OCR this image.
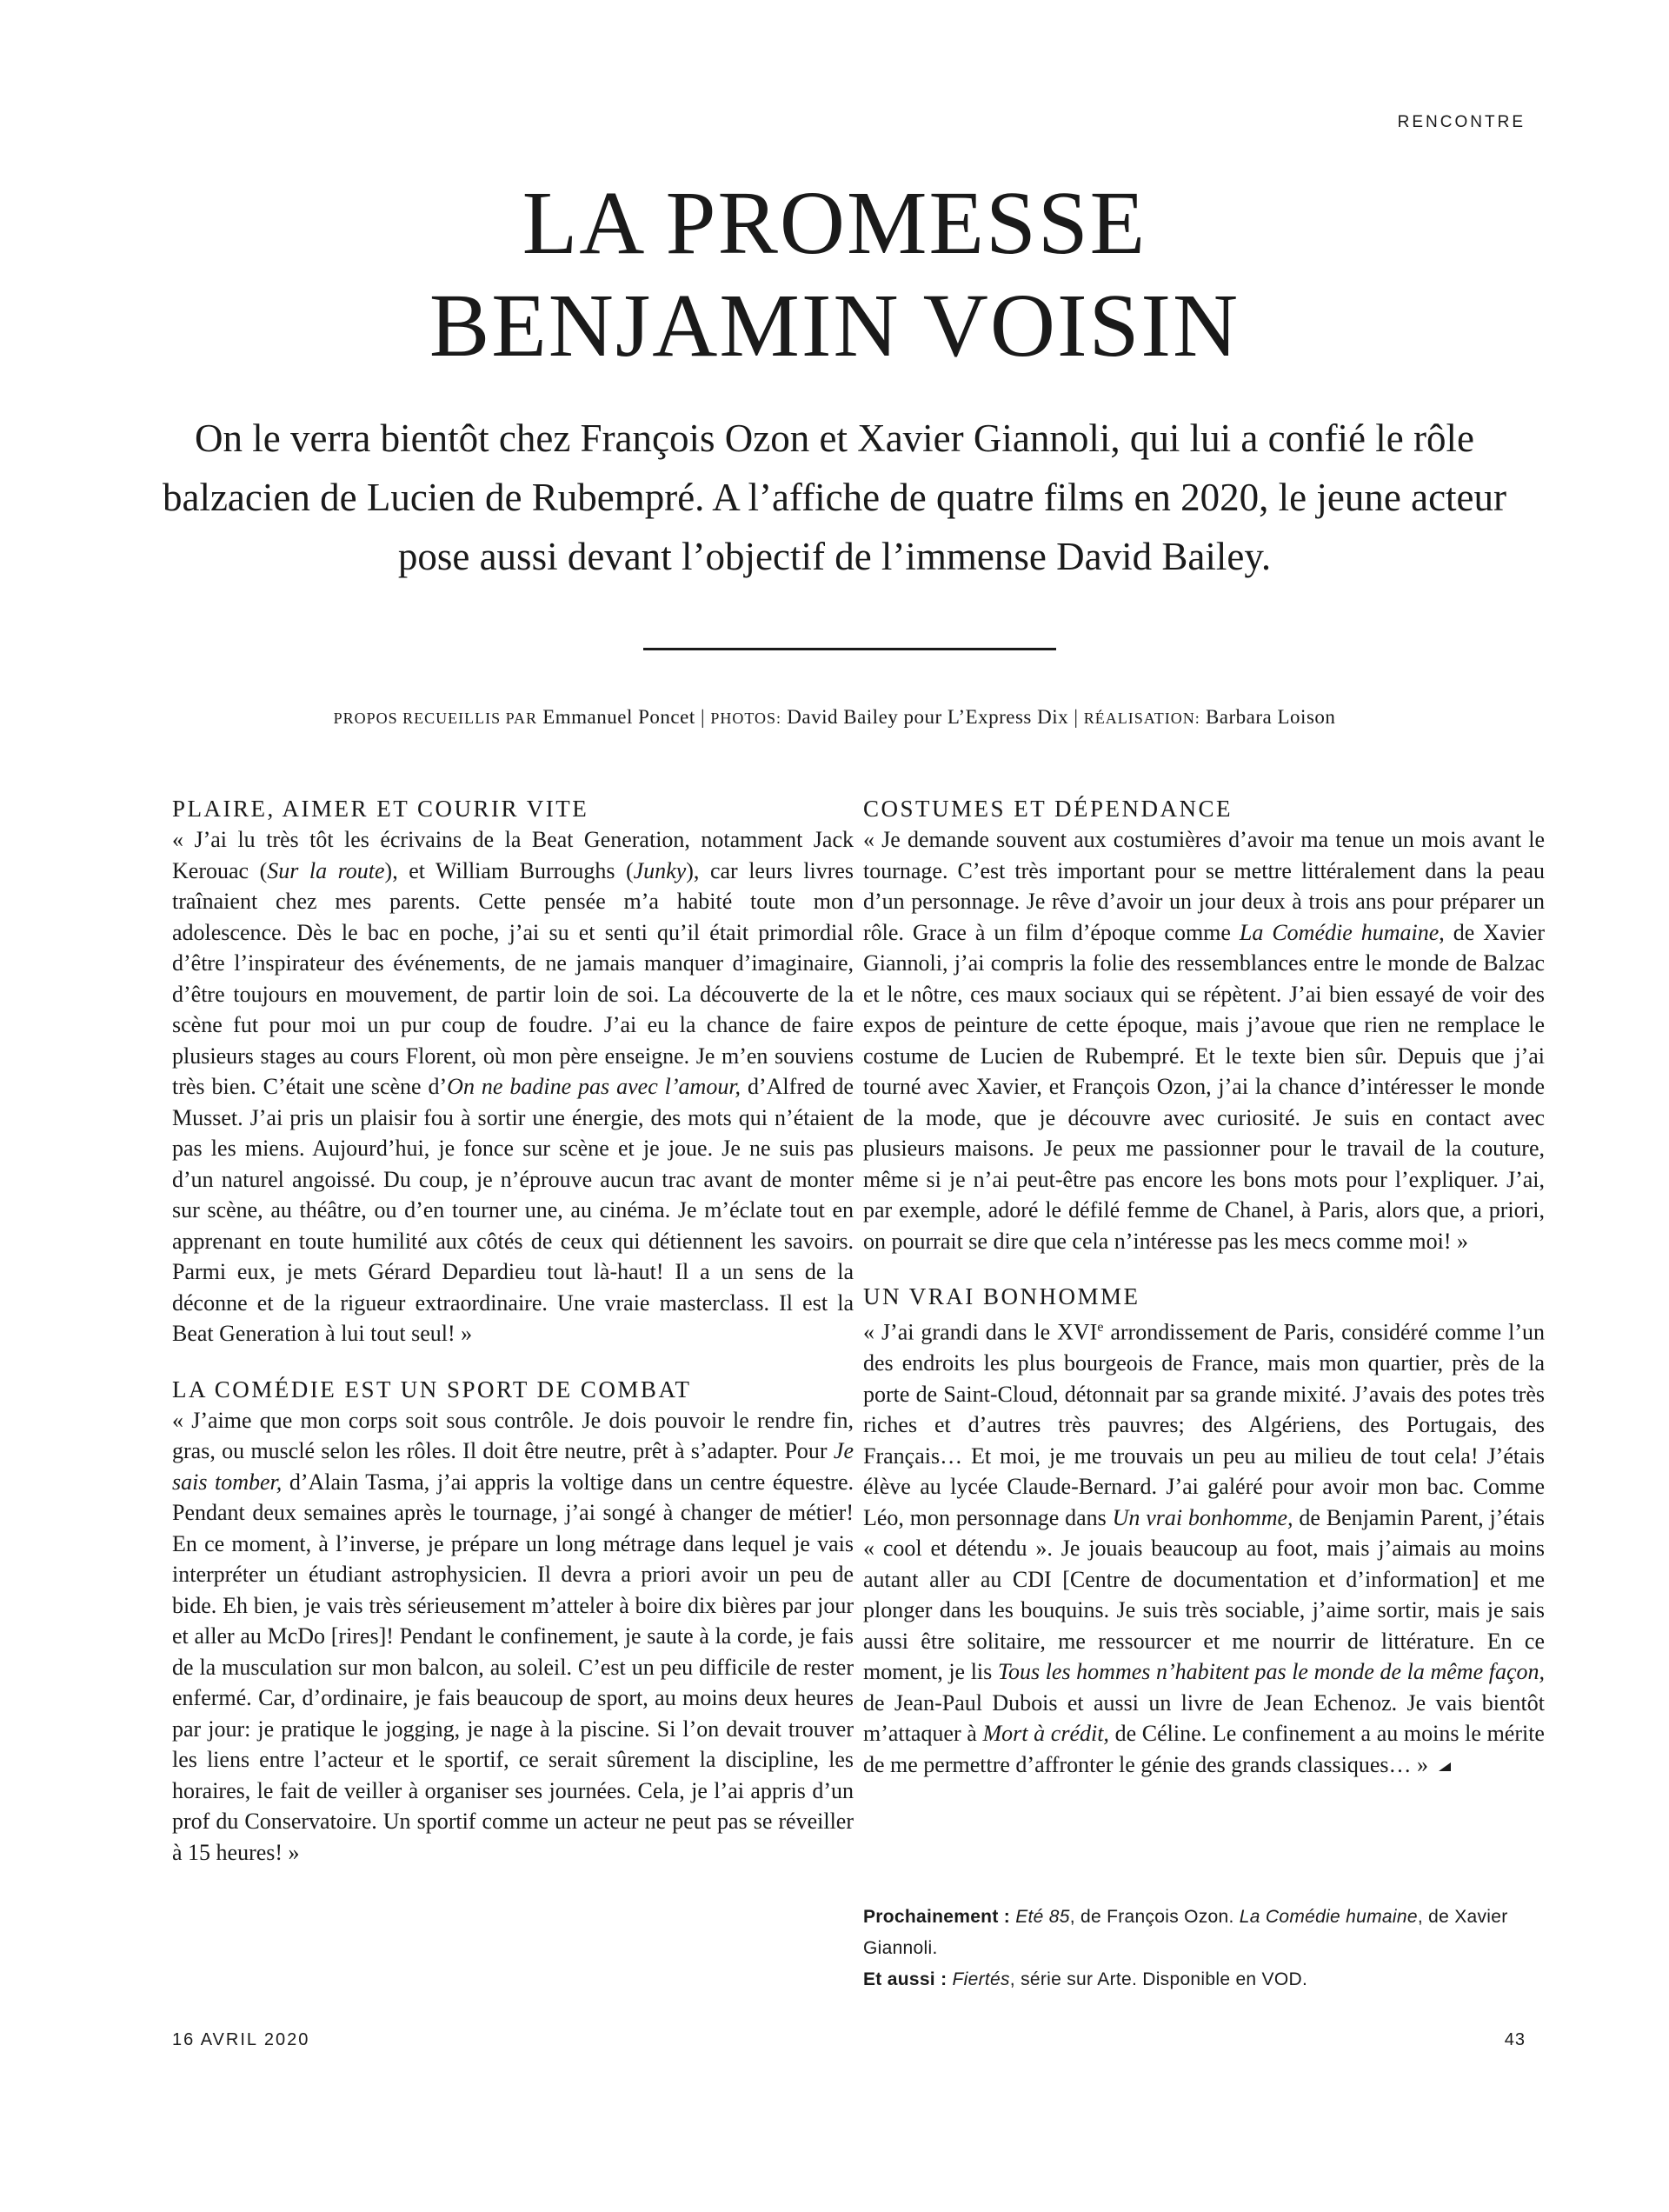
RENCONTRE
LA PROMESSE
BENJAMIN VOISIN
On le verra bientôt chez François Ozon et Xavier Giannoli, qui lui a confié le rôle balzacien de Lucien de Rubempré. A l’affiche de quatre films en 2020, le jeune acteur pose aussi devant l’objectif de l’immense David Bailey.
PROPOS RECUEILLIS PAR Emmanuel Poncet | PHOTOS: David Bailey pour L’Express Dix | RÉALISATION: Barbara Loison
PLAIRE, AIMER ET COURIR VITE

« J’ai lu très tôt les écrivains de la Beat Generation, notamment Jack Kerouac (Sur la route), et William Burroughs (Junky), car leurs livres traînaient chez mes parents. Cette pensée m’a habité toute mon adolescence. Dès le bac en poche, j’ai su et senti qu’il était primordial d’être l’inspirateur des événements, de ne jamais manquer d’imaginaire, d’être toujours en mouvement, de partir loin de soi. La découverte de la scène fut pour moi un pur coup de foudre. J’ai eu la chance de faire plusieurs stages au cours Florent, où mon père enseigne. Je m’en souviens très bien. C’était une scène d’On ne badine pas avec l’amour, d’Alfred de Musset. J’ai pris un plaisir fou à sortir une énergie, des mots qui n’étaient pas les miens. Aujourd’hui, je fonce sur scène et je joue. Je ne suis pas d’un naturel angoissé. Du coup, je n’éprouve aucun trac avant de monter sur scène, au théâtre, ou d’en tourner une, au cinéma. Je m’éclate tout en apprenant en toute humilité aux côtés de ceux qui détiennent les savoirs. Parmi eux, je mets Gérard Depardieu tout là-haut! Il a un sens de la déconne et de la rigueur extraordinaire. Une vraie masterclass. Il est la Beat Generation à lui tout seul! »

LA COMÉDIE EST UN SPORT DE COMBAT

« J’aime que mon corps soit sous contrôle. Je dois pouvoir le rendre fin, gras, ou musclé selon les rôles. Il doit être neutre, prêt à s’adapter. Pour Je sais tomber, d’Alain Tasma, j’ai appris la voltige dans un centre équestre. Pendant deux semaines après le tournage, j’ai songé à changer de métier! En ce moment, à l’inverse, je prépare un long métrage dans lequel je vais interpréter un étudiant astrophysicien. Il devra a priori avoir un peu de bide. Eh bien, je vais très sérieusement m’atteler à boire dix bières par jour et aller au McDo [rires]! Pendant le confinement, je saute à la corde, je fais de la musculation sur mon balcon, au soleil. C’est un peu difficile de rester enfermé. Car, d’ordinaire, je fais beaucoup de sport, au moins deux heures par jour: je pratique le jogging, je nage à la piscine. Si l’on devait trouver les liens entre l’acteur et le sportif, ce serait sûrement la discipline, les horaires, le fait de veiller à organiser ses journées. Cela, je l’ai appris d’un prof du Conservatoire. Un sportif comme un acteur ne peut pas se réveiller à 15 heures! »

COSTUMES ET DÉPENDANCE

« Je demande souvent aux costumières d’avoir ma tenue un mois avant le tournage. C’est très important pour se mettre littéralement dans la peau d’un personnage. Je rêve d’avoir un jour deux à trois ans pour préparer un rôle. Grace à un film d’époque comme La Comédie humaine, de Xavier Giannoli, j’ai compris la folie des ressemblances entre le monde de Balzac et le nôtre, ces maux sociaux qui se répètent. J’ai bien essayé de voir des expos de peinture de cette époque, mais j’avoue que rien ne remplace le costume de Lucien de Rubempré. Et le texte bien sûr. Depuis que j’ai tourné avec Xavier, et François Ozon, j’ai la chance d’intéresser le monde de la mode, que je découvre avec curiosité. Je suis en contact avec plusieurs maisons. Je peux me passionner pour le travail de la couture, même si je n’ai peut-être pas encore les bons mots pour l’expliquer. J’ai, par exemple, adoré le défilé femme de Chanel, à Paris, alors que, a priori, on pourrait se dire que cela n’intéresse pas les mecs comme moi! »

UN VRAI BONHOMME

« J’ai grandi dans le XVIe arrondissement de Paris, considéré comme l’un des endroits les plus bourgeois de France, mais mon quartier, près de la porte de Saint-Cloud, détonnait par sa grande mixité. J’avais des potes très riches et d’autres très pauvres; des Algériens, des Portugais, des Français… Et moi, je me trouvais un peu au milieu de tout cela! J’étais élève au lycée Claude-Bernard. J’ai galéré pour avoir mon bac. Comme Léo, mon personnage dans Un vrai bonhomme, de Benjamin Parent, j’étais « cool et détendu ». Je jouais beaucoup au foot, mais j’aimais au moins autant aller au CDI [Centre de documentation et d’information] et me plonger dans les bouquins. Je suis très sociable, j’aime sortir, mais je sais aussi être solitaire, me ressourcer et me nourrir de littérature. En ce moment, je lis Tous les hommes n’habitent pas le monde de la même façon, de Jean-Paul Dubois et aussi un livre de Jean Echenoz. Je vais bientôt m’attaquer à Mort à crédit, de Céline. Le confinement a au moins le mérite de me permettre d’affronter le génie des grands classiques… »

Prochainement : Eté 85, de François Ozon. La Comédie humaine, de Xavier Giannoli.
Et aussi : Fiertés, série sur Arte. Disponible en VOD.
16 AVRIL 2020	43
